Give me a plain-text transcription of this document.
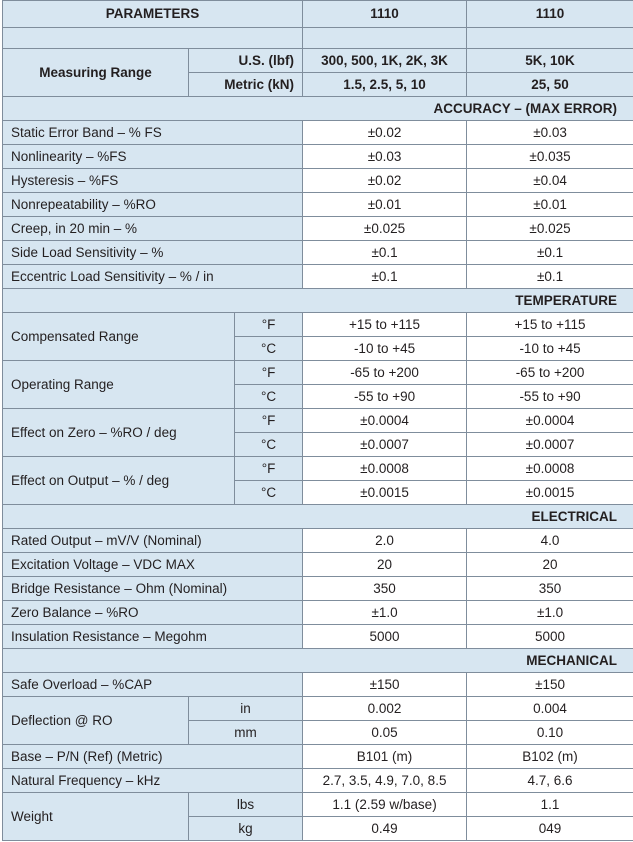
PARAMETERS			1110	1110

Measuring Range	U.S. (lbf)		300, 500, 1K, 2K, 3K	5K, 10K
	Metric (kN)		1.5, 2.5, 5, 10	25, 50
ACCURACY – (MAX ERROR)				
Static Error Band – % FS			±0.02	±0.03
Nonlinearity – %FS			±0.03	±0.035
Hysteresis – %FS			±0.02	±0.04
Nonrepeatability – %RO			±0.01	±0.01
Creep, in 20 min – %			±0.025	±0.025
Side Load Sensitivity – %			±0.1	±0.1
Eccentric Load Sensitivity – % / in			±0.1	±0.1
TEMPERATURE				
Compensated Range		°F	+15 to +115	+15 to +115
		°C	-10 to +45	-10 to +45
Operating Range		°F	-65 to +200	-65 to +200
		°C	-55 to +90	-55 to +90
Effect on Zero – %RO / deg		°F	±0.0004	±0.0004
		°C	±0.0007	±0.0007
Effect on Output – % / deg		°F	±0.0008	±0.0008
		°C	±0.0015	±0.0015
ELECTRICAL				
Rated Output – mV/V (Nominal)			2.0	4.0
Excitation Voltage – VDC MAX			20	20
Bridge Resistance – Ohm (Nominal)			350	350
Zero Balance – %RO			±1.0	±1.0
Insulation Resistance – Megohm			5000	5000
MECHANICAL				
Safe Overload – %CAP			±150	±150
Deflection @ RO	in		0.002	0.004
	mm		0.05	0.10
Base – P/N (Ref) (Metric)			B101 (m)	B102 (m)
Natural Frequency – kHz			2.7, 3.5, 4.9, 7.0, 8.5	4.7, 6.6
Weight	lbs		1.1 (2.59 w/base)	1.1
	kg		0.49	049
